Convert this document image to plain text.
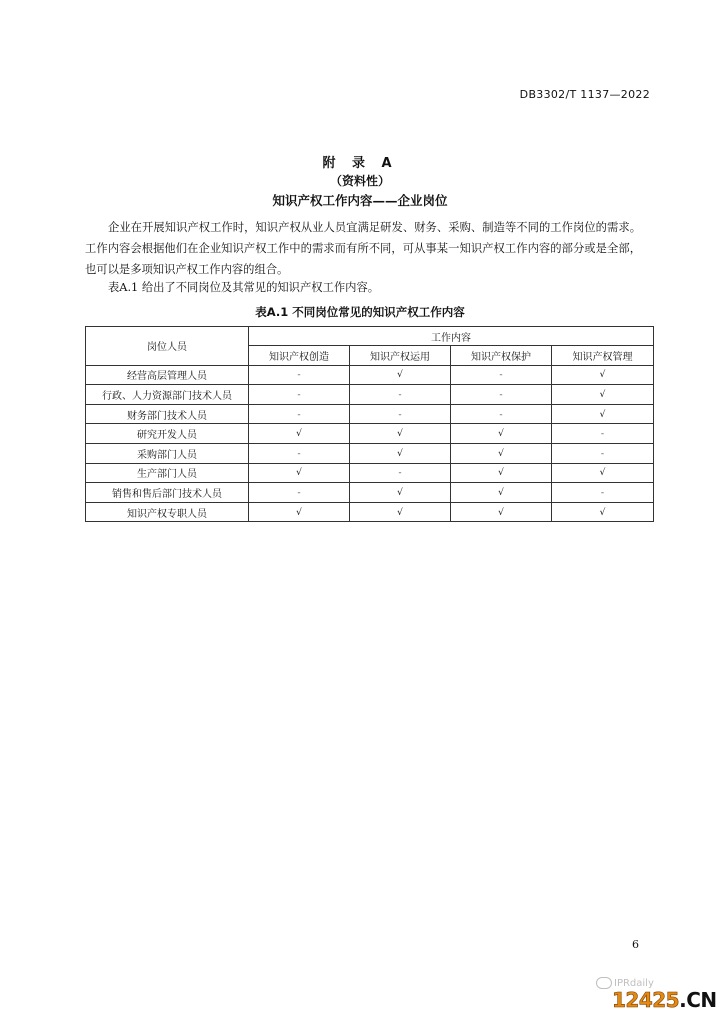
DB3302/T 1137—2022
附 录 A
（资料性）
知识产权工作内容——企业岗位
企业在开展知识产权工作时，知识产权从业人员宜满足研发、财务、采购、制造等不同的工作岗位的需求。工作内容会根据他们在企业知识产权工作中的需求而有所不同，可从事某一知识产权工作内容的部分或是全部，也可以是多项知识产权工作内容的组合。
表A.1 给出了不同岗位及其常见的知识产权工作内容。
表A.1 不同岗位常见的知识产权工作内容
岗位人员	工作内容			
	知识产权创造	知识产权运用	知识产权保护	知识产权管理
经营高层管理人员	-	√	-	√
行政、人力资源部门技术人员	-	-	-	√
财务部门技术人员	-	-	-	√
研究开发人员	√	√	√	-
采购部门人员	-	√	√	-
生产部门人员	√	-	√	√
销售和售后部门技术人员	-	√	√	-
知识产权专职人员	√	√	√	√
6
IPRdaily
12425.CN
